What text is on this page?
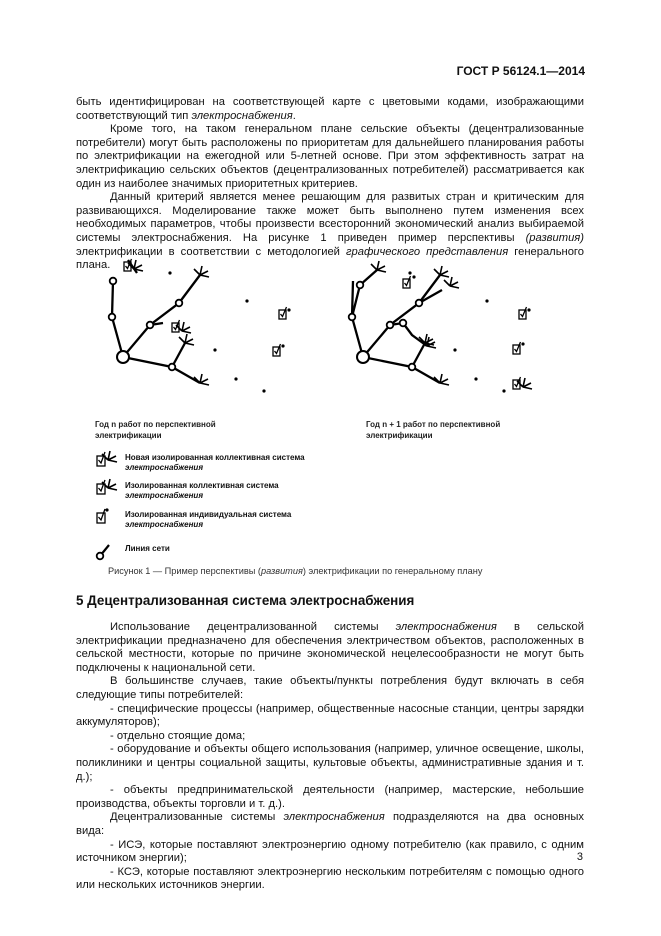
ГОСТ Р 56124.1—2014

быть идентифицирован на соответствующей карте с цветовыми кодами, изображающими соответствующий тип электроснабжения.

Кроме того, на таком генеральном плане сельские объекты (децентрализованные потребители) могут быть расположены по приоритетам для дальнейшего планирования работы по электрификации на ежегодной или 5-летней основе. При этом эффективность затрат на электрификацию сельских объектов (децентрализованных потребителей) рассматривается как один из наиболее значимых приоритетных критериев.

Данный критерий является менее решающим для развитых стран и критическим для развивающихся. Моделирование также может быть выполнено путем изменения всех необходимых параметров, чтобы произвести всесторонний экономический анализ выбираемой системы электроснабжения. На рисунке 1 приведен пример перспективы (развития) электрификации в соответствии с методологией графического представления генерального плана.

Год n работ по перспективной
электрификации
Год n + 1 работ по перспективной
электрификации
Новая изолированная коллективная система
электроснабжения
Изолированная коллективная система
электроснабжения
Изолированная индивидуальная система
электроснабжения
Линия сети
Рисунок 1 — Пример перспективы (развития) электрификации по генеральному плану
5 Децентрализованная система электроснабжения

Использование децентрализованной системы электроснабжения в сельской электрификации предназначено для обеспечения электричеством объектов, расположенных в сельской местности, которые по причине экономической нецелесообразности не могут быть подключены к национальной сети.

В большинстве случаев, такие объекты/пункты потребления будут включать в себя следующие типы потребителей:

- специфические процессы (например, общественные насосные станции, центры зарядки аккумуляторов);

- отдельно стоящие дома;

- оборудование и объекты общего использования (например, уличное освещение, школы, поликлиники и центры социальной защиты, культовые объекты, административные здания и т. д.);

- объекты предпринимательской деятельности (например, мастерские, небольшие производства, объекты торговли и т. д.).

Децентрализованные системы электроснабжения подразделяются на два основных вида:

- ИСЭ, которые поставляют электроэнергию одному потребителю (как правило, с одним источником энергии);

- КСЭ, которые поставляют электроэнергию нескольким потребителям с помощью одного или нескольких источников энергии.

3
